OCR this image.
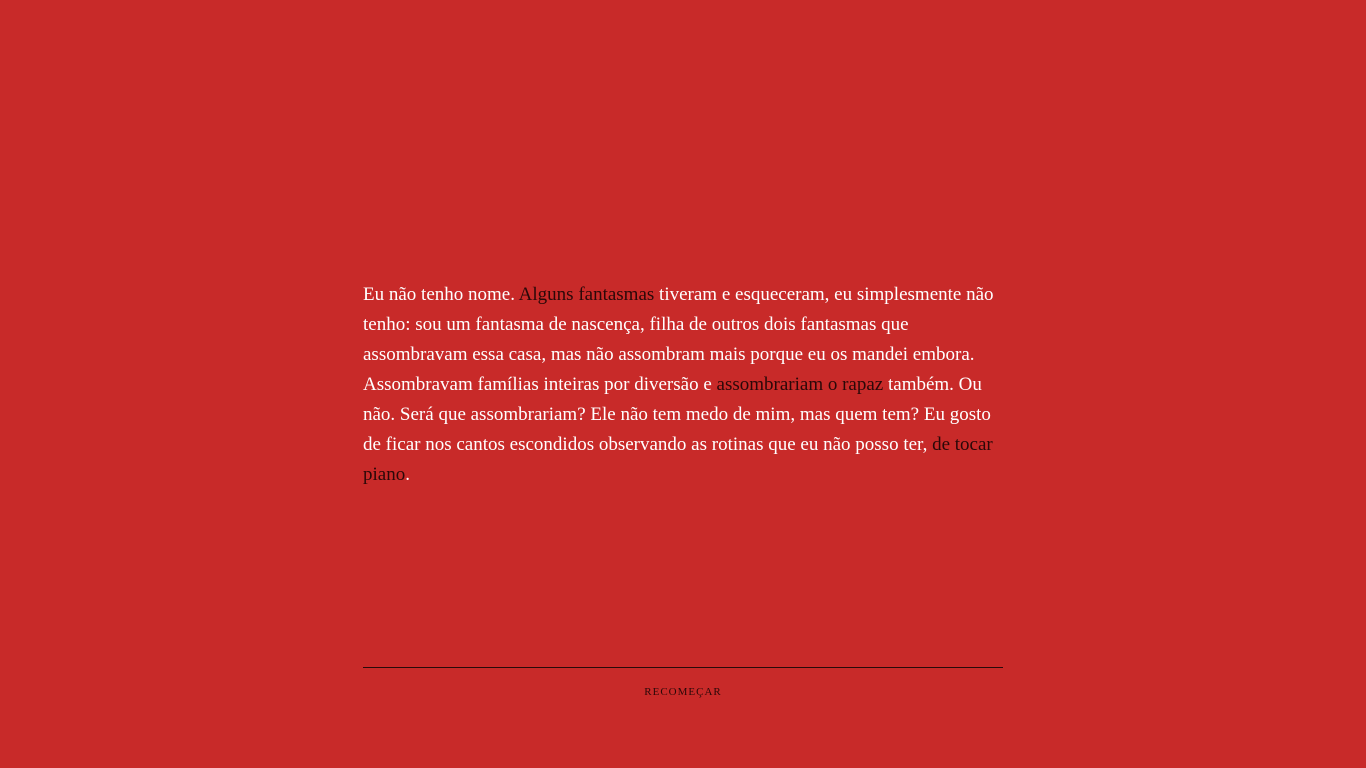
Eu não tenho nome. Alguns fantasmas tiveram e esqueceram, eu simplesmente não tenho: sou um fantasma de nascença, filha de outros dois fantasmas que assombravam essa casa, mas não assombram mais porque eu os mandei embora. Assombravam famílias inteiras por diversão e assombrariam o rapaz também. Ou não. Será que assombrariam? Ele não tem medo de mim, mas quem tem? Eu gosto de ficar nos cantos escondidos observando as rotinas que eu não posso ter, de tocar piano.
RECOMEÇAR
